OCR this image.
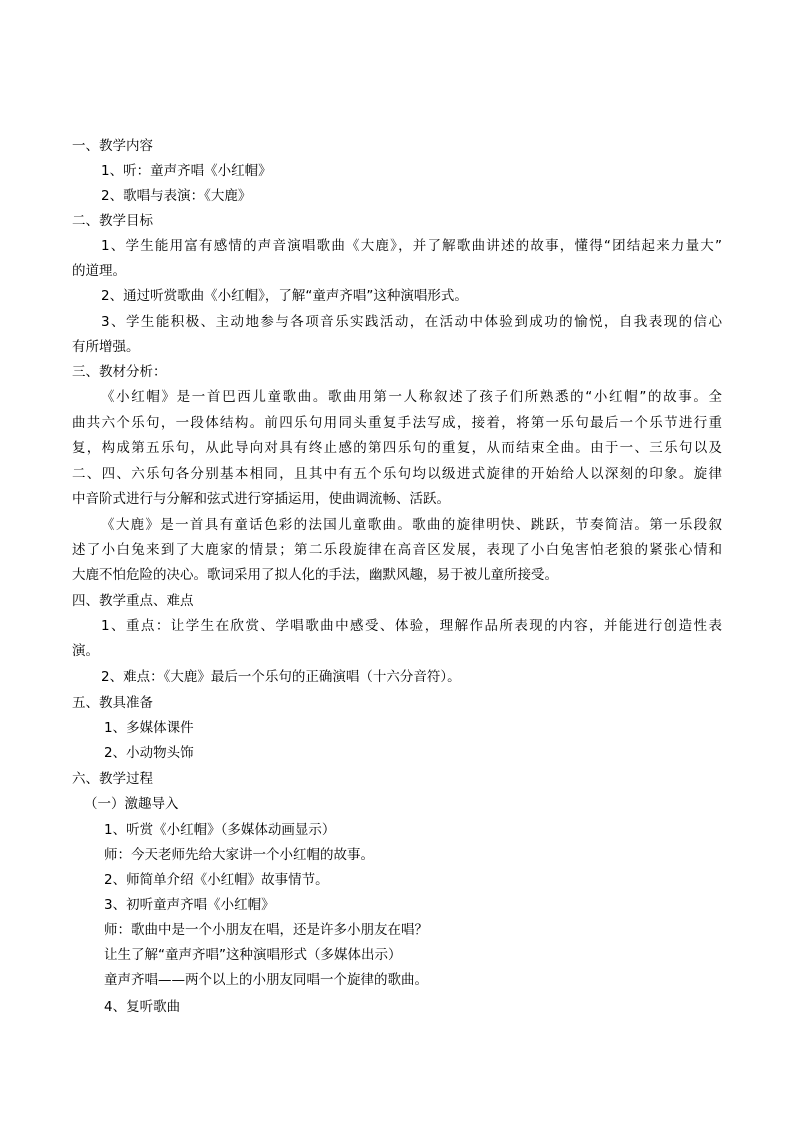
一、教学内容
1、听：童声齐唱《小红帽》
2、歌唱与表演：《大鹿》
二、教学目标
1、学生能用富有感情的声音演唱歌曲《大鹿》，并了解歌曲讲述的故事，懂得“团结起来力量大”
的道理。
2、通过听赏歌曲《小红帽》，了解“童声齐唱”这种演唱形式。
3、学生能积极、主动地参与各项音乐实践活动，在活动中体验到成功的愉悦，自我表现的信心
有所增强。
三、教材分析：
《小红帽》是一首巴西儿童歌曲。歌曲用第一人称叙述了孩子们所熟悉的“小红帽”的故事。全
曲共六个乐句，一段体结构。前四乐句用同头重复手法写成，接着，将第一乐句最后一个乐节进行重
复，构成第五乐句，从此导向对具有终止感的第四乐句的重复，从而结束全曲。由于一、三乐句以及
二、四、六乐句各分别基本相同，且其中有五个乐句均以级进式旋律的开始给人以深刻的印象。旋律
中音阶式进行与分解和弦式进行穿插运用，使曲调流畅、活跃。
《大鹿》是一首具有童话色彩的法国儿童歌曲。歌曲的旋律明快、跳跃，节奏简洁。第一乐段叙
述了小白兔来到了大鹿家的情景；第二乐段旋律在高音区发展，表现了小白兔害怕老狼的紧张心情和
大鹿不怕危险的决心。歌词采用了拟人化的手法，幽默风趣，易于被儿童所接受。
四、教学重点、难点
1、重点：让学生在欣赏、学唱歌曲中感受、体验，理解作品所表现的内容，并能进行创造性表
演。
2、难点：《大鹿》最后一个乐句的正确演唱（十六分音符）。
五、教具准备
1、多媒体课件
2、小动物头饰
六、教学过程
（一）激趣导入
1、听赏《小红帽》（多媒体动画显示）
师：今天老师先给大家讲一个小红帽的故事。
2、师简单介绍《小红帽》故事情节。
3、初听童声齐唱《小红帽》
师：歌曲中是一个小朋友在唱，还是许多小朋友在唱？
让生了解“童声齐唱”这种演唱形式（多媒体出示）
童声齐唱——两个以上的小朋友同唱一个旋律的歌曲。
4、复听歌曲
